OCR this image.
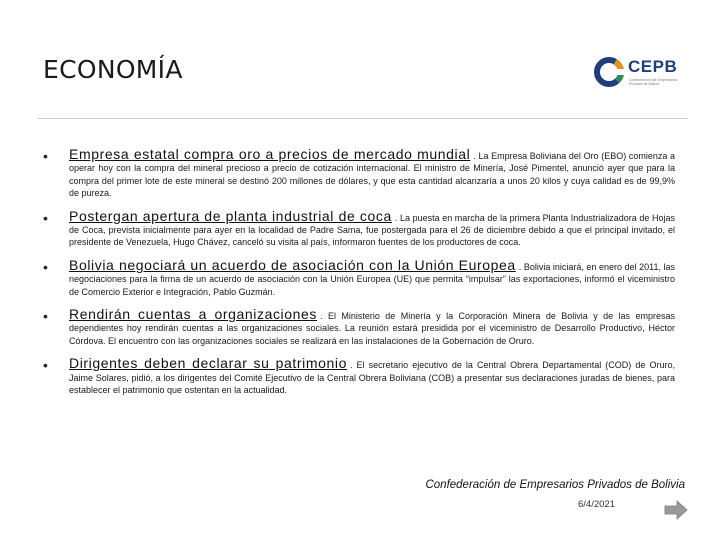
ECONOMÍA	CEPB
Confederación de Empresarios Privados de Bolivia
• Empresa estatal compra oro a precios de mercado mundial . La Empresa Boliviana del Oro (EBO) comienza a operar hoy con la compra del mineral precioso a precio de cotización internacional. El ministro de Minería, José Pimentel, anunció ayer que para la compra del primer lote de este mineral se destinó 200 millones de dólares, y que esta cantidad alcanzaría a unos 20 kilos y cuya calidad es de 99,9% de pureza.

• Postergan apertura de planta industrial de coca . La puesta en marcha de la primera Planta Industrializadora de Hojas de Coca, prevista inicialmente para ayer en la localidad de Padre Sama, fue postergada para el 26 de diciembre debido a que el principal invitado, el presidente de Venezuela, Hugo Chávez, canceló su visita al país, informaron fuentes de los productores de coca.

• Bolivia negociará un acuerdo de asociación con la Unión Europea . Bolivia iniciará, en enero del 2011, las negociaciones para la firma de un acuerdo de asociación con la Unión Europea (UE) que permita “impulsar” las exportaciones, informó el viceministro de Comercio Exterior e Integración, Pablo Guzmán.

• Rendirán cuentas a organizaciones . El Ministerio de Minería y la Corporación Minera de Bolivia y de las empresas dependientes hoy rendirán cuentas a las organizaciones sociales. La reunión estará presidida por el viceministro de Desarrollo Productivo, Héctor Córdova. El encuentro con las organizaciones sociales se realizará en las instalaciones de la Gobernación de Oruro.

• Dirigentes deben declarar su patrimonio . El secretario ejecutivo de la Central Obrera Departamental (COD) de Oruro, Jaime Solares, pidió, a los dirigentes del Comité Ejecutivo de la Central Obrera Boliviana (COB) a presentar sus declaraciones juradas de bienes, para establecer el patrimonio que ostentan en la actualidad.

Confederación de Empresarios Privados de Bolivia
6/4/2021
